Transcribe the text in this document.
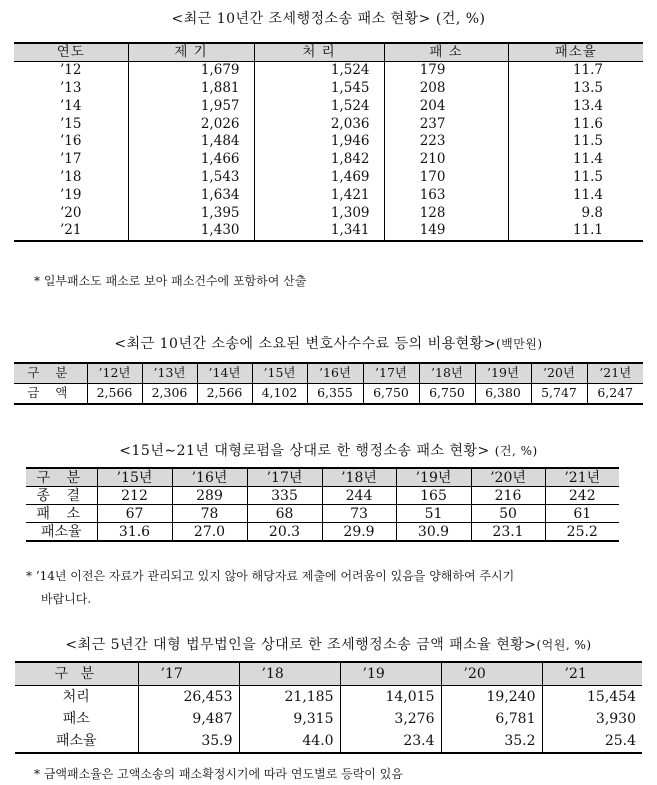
<최근 10년간 조세행정소송 패소 현황> (건, %)
연도	제 기	처 리	패 소	패소율
’12	1,679	1,524	179	11.7
’13	1,881	1,545	208	13.5
’14	1,957	1,524	204	13.4
’15	2,026	2,036	237	11.6
’16	1,484	1,946	223	11.5
’17	1,466	1,842	210	11.4
’18	1,543	1,469	170	11.5
’19	1,634	1,421	163	11.4
’20	1,395	1,309	128	9.8
’21	1,430	1,341	149	11.1
* 일부패소도 패소로 보아 패소건수에 포함하여 산출
<최근 10년간 소송에 소요된 변호사수수료 등의 비용현황>(백만원)
구 분	’12년	’13년	’14년	’15년	’16년	’17년	’18년	’19년	’20년	’21년
금 액	2,566	2,306	2,566	4,102	6,355	6,750	6,750	6,380	5,747	6,247
<15년∼21년 대형로펌을 상대로 한 행정소송 패소 현황> (건, %)
구 분	’15년	’16년	’17년	’18년	’19년	’20년	’21년
종 결	212	289	335	244	165	216	242
패 소	67	78	68	73	51	50	61
패소율	31.6	27.0	20.3	29.9	30.9	23.1	25.2
* ’14년 이전은 자료가 관리되고 있지 않아 해당자료 제출에 어려움이 있음을 양해하여 주시기
바랍니다.
<최근 5년간 대형 법무법인을 상대로 한 조세행정소송 금액 패소율 현황>(억원, %)
구 분	’17	’18	’19	’20	’21
처리	26,453	21,185	14,015	19,240	15,454
패소	9,487	9,315	3,276	6,781	3,930
패소율	35.9	44.0	23.4	35.2	25.4
* 금액패소율은 고액소송의 패소확정시기에 따라 연도별로 등락이 있음
